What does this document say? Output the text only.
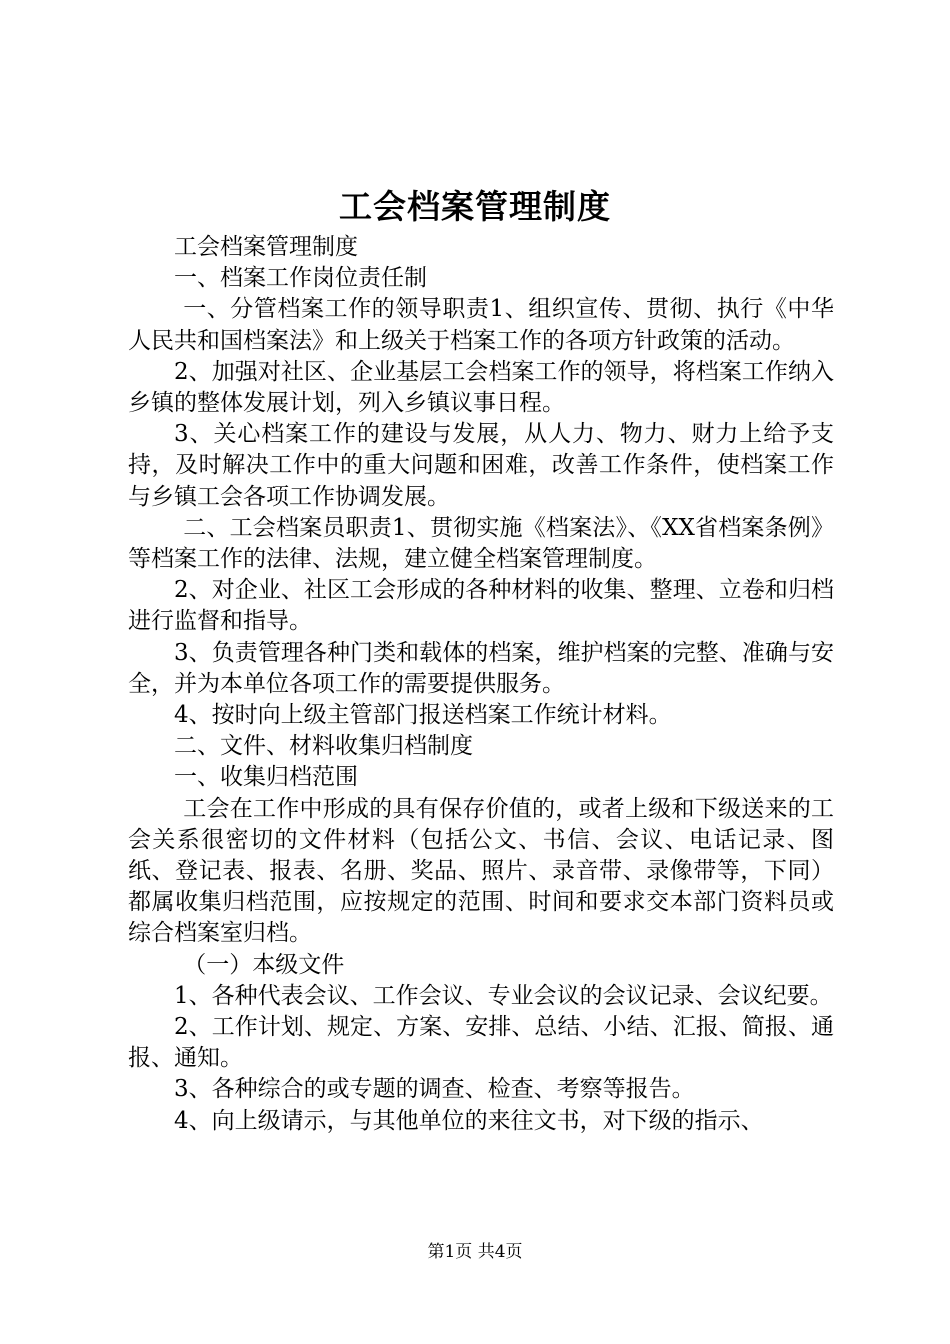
工会档案管理制度

工会档案管理制度

一、档案工作岗位责任制

一、分管档案工作的领导职责1、组织宣传、贯彻、执行《中华人民共和国档案法》和上级关于档案工作的各项方针政策的活动。

2、加强对社区、企业基层工会档案工作的领导，将档案工作纳入乡镇的整体发展计划，列入乡镇议事日程。

3、关心档案工作的建设与发展，从人力、物力、财力上给予支持，及时解决工作中的重大问题和困难，改善工作条件，使档案工作与乡镇工会各项工作协调发展。

二、工会档案员职责1、贯彻实施《档案法》、《XX省档案条例》等档案工作的法律、法规，建立健全档案管理制度。

2、对企业、社区工会形成的各种材料的收集、整理、立卷和归档进行监督和指导。

3、负责管理各种门类和载体的档案，维护档案的完整、准确与安全，并为本单位各项工作的需要提供服务。

4、按时向上级主管部门报送档案工作统计材料。

二、文件、材料收集归档制度

一、收集归档范围

工会在工作中形成的具有保存价值的，或者上级和下级送来的工会关系很密切的文件材料（包括公文、书信、会议、电话记录、图纸、登记表、报表、名册、奖品、照片、录音带、录像带等，下同）都属收集归档范围，应按规定的范围、时间和要求交本部门资料员或综合档案室归档。

（一）本级文件

1、各种代表会议、工作会议、专业会议的会议记录、会议纪要。

2、工作计划、规定、方案、安排、总结、小结、汇报、简报、通报、通知。

3、各种综合的或专题的调查、检查、考察等报告。

4、向上级请示，与其他单位的来往文书，对下级的指示、

第1页 共4页
